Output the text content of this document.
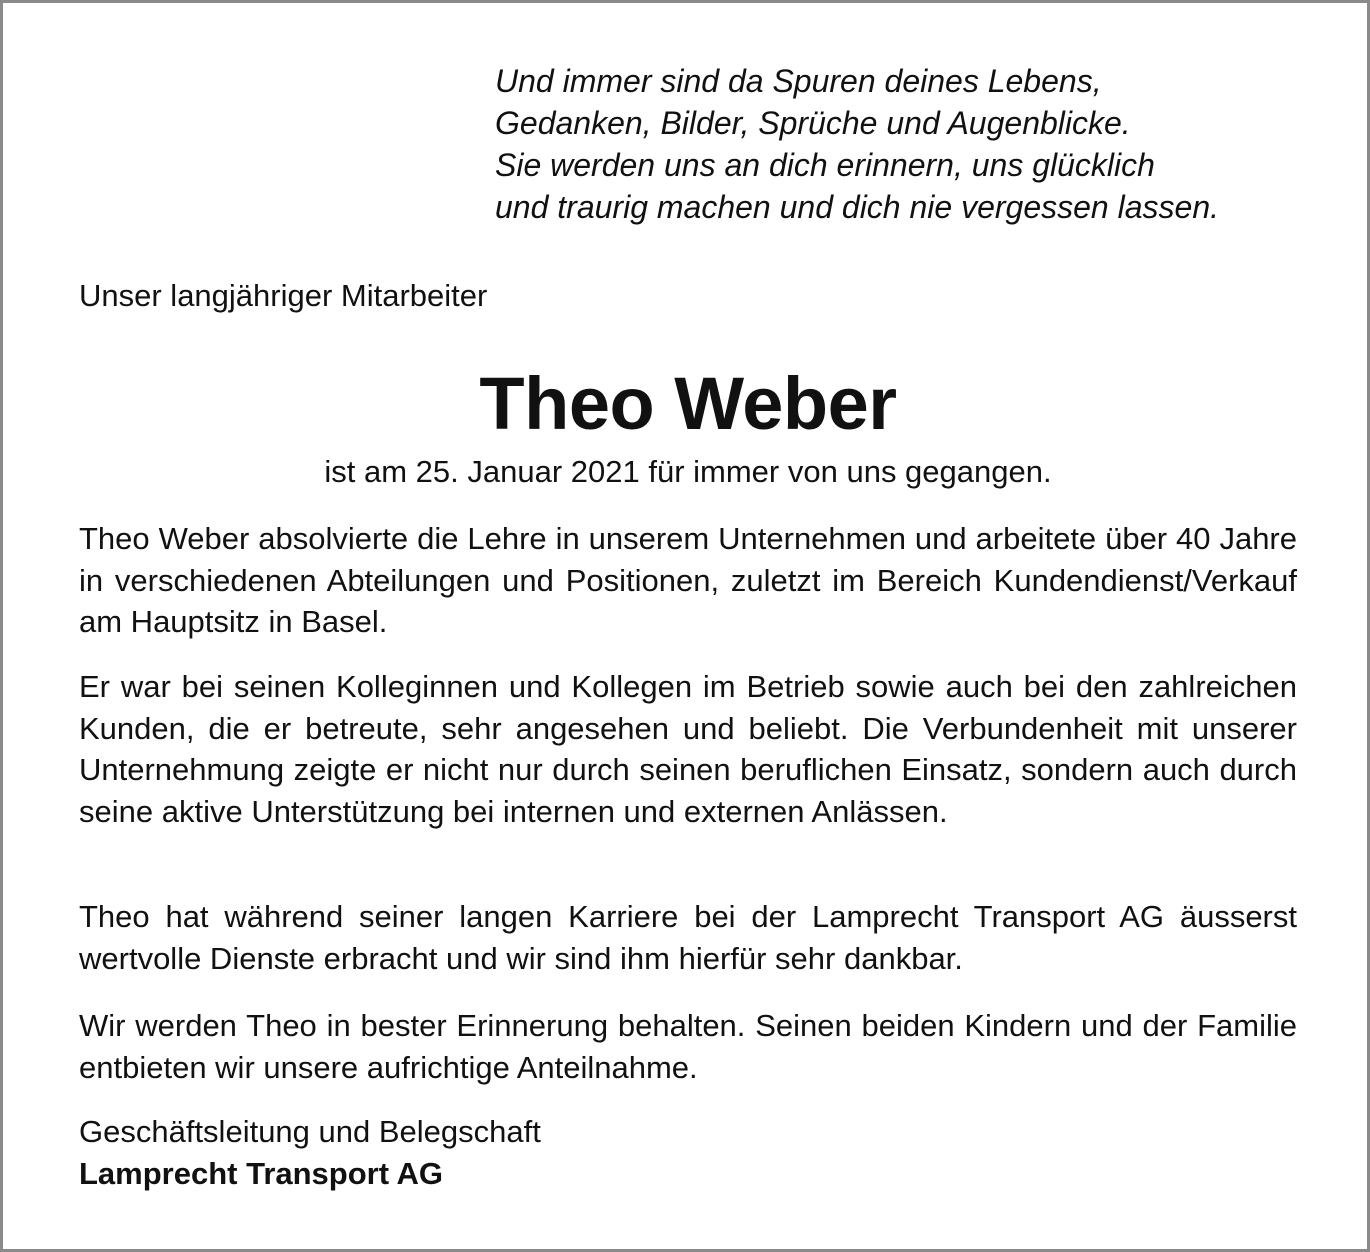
Und immer sind da Spuren deines Lebens,
Gedanken, Bilder, Sprüche und Augenblicke.
Sie werden uns an dich erinnern, uns glücklich
und traurig machen und dich nie vergessen lassen.
Unser langjähriger Mitarbeiter
Theo Weber
ist am 25. Januar 2021 für immer von uns gegangen.
Theo Weber absolvierte die Lehre in unserem Unternehmen und arbeitete über 40 Jahre in verschiedenen Abteilungen und Positionen, zuletzt im Bereich Kundendienst/Verkauf am Hauptsitz in Basel.
Er war bei seinen Kolleginnen und Kollegen im Betrieb sowie auch bei den zahlreichen Kunden, die er betreute, sehr angesehen und beliebt. Die Verbundenheit mit unserer Unternehmung zeigte er nicht nur durch seinen beruflichen Einsatz, sondern auch durch seine aktive Unterstützung bei internen und externen Anlässen.
Theo hat während seiner langen Karriere bei der Lamprecht Transport AG äusserst wertvolle Dienste erbracht und wir sind ihm hierfür sehr dankbar.
Wir werden Theo in bester Erinnerung behalten. Seinen beiden Kindern und der Familie entbieten wir unsere aufrichtige Anteilnahme.
Geschäftsleitung und Belegschaft
Lamprecht Transport AG
